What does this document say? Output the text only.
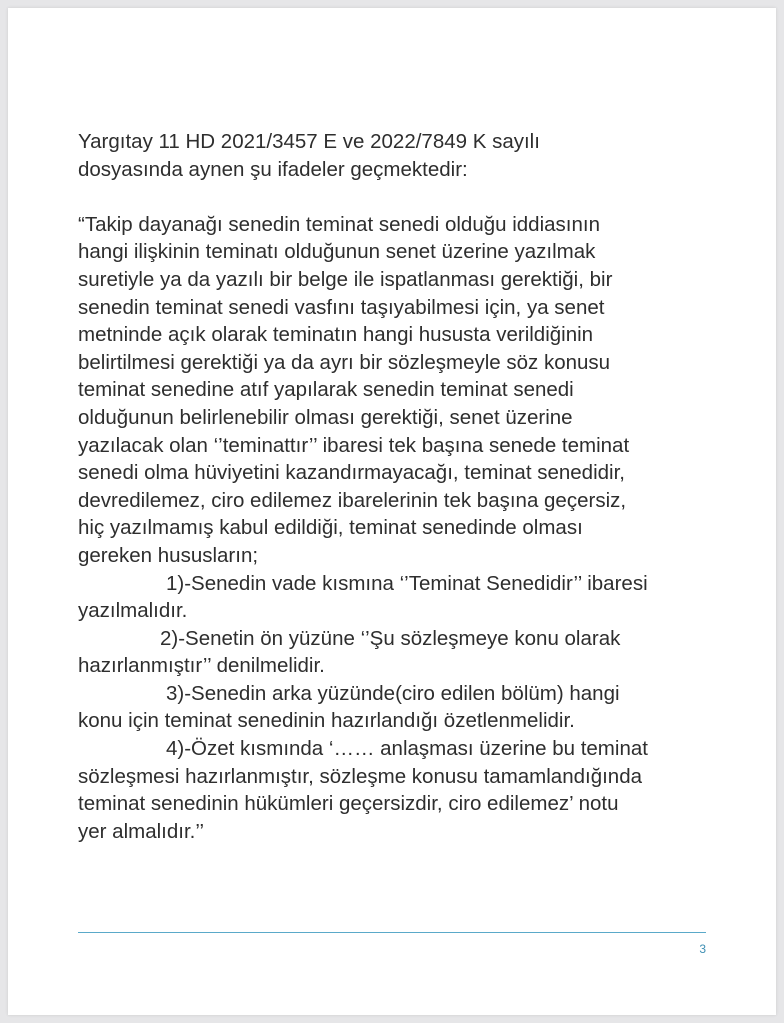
Yargıtay 11 HD 2021/3457 E ve 2022/7849 K sayılı

dosyasında aynen şu ifadeler geçmektedir:

“Takip dayanağı senedin teminat senedi olduğu iddiasının

hangi ilişkinin teminatı olduğunun senet üzerine yazılmak

suretiyle ya da yazılı bir belge ile ispatlanması gerektiği, bir

senedin teminat senedi vasfını taşıyabilmesi için, ya senet

metninde açık olarak teminatın hangi hususta verildiğinin

belirtilmesi gerektiği ya da ayrı bir sözleşmeyle söz konusu

teminat senedine atıf yapılarak senedin teminat senedi

olduğunun belirlenebilir olması gerektiği, senet üzerine

yazılacak olan ‘’teminattır’’ ibaresi tek başına senede teminat

senedi olma hüviyetini kazandırmayacağı, teminat senedidir,

devredilemez, ciro edilemez ibarelerinin tek başına geçersiz,

hiç yazılmamış kabul edildiği, teminat senedinde olması

gereken hususların;

1)-Senedin vade kısmına ‘’Teminat Senedidir’’ ibaresi

yazılmalıdır.

2)-Senetin ön yüzüne ‘’Şu sözleşmeye konu olarak

hazırlanmıştır’’ denilmelidir.

3)-Senedin arka yüzünde(ciro edilen bölüm) hangi

konu için teminat senedinin hazırlandığı özetlenmelidir.

4)-Özet kısmında ‘…… anlaşması üzerine bu teminat

sözleşmesi hazırlanmıştır, sözleşme konusu tamamlandığında

teminat senedinin hükümleri geçersizdir, ciro edilemez’ notu

yer almalıdır.’’

3
